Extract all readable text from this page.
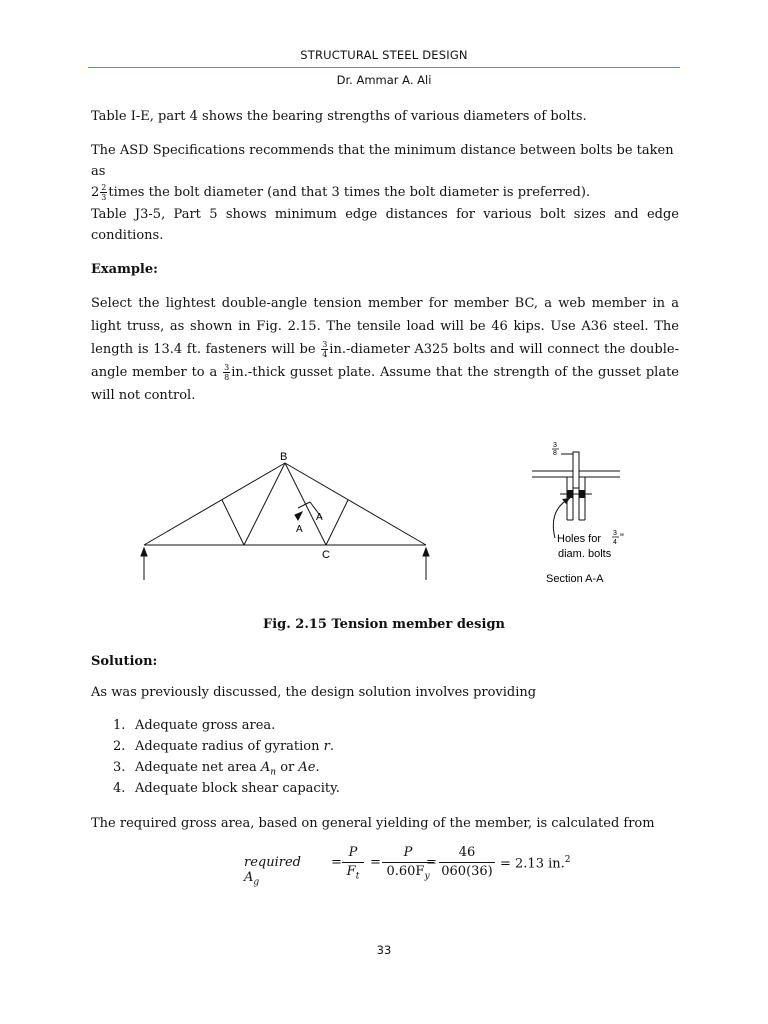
STRUCTURAL STEEL DESIGN
Dr. Ammar A. Ali

Table I-E, part 4 shows the bearing strengths of various diameters of bolts.

The ASD Specifications recommends that the minimum distance between bolts be taken as
$2 \frac{2}{3}$ times the bolt diameter (and that 3 times the bolt diameter is preferred).

Table J3-5, Part 5 shows minimum edge distances for various bolt sizes and edge conditions.

Example:

Select the lightest double-angle tension member for member BC, a web member in a light truss, as shown in Fig. 2.15. The tensile load will be 46 kips. Use A36 steel. The length is 13.4 ft. fasteners will be $\frac{3}{4}$ in.-diameter A325 bolts and will connect the double-angle member to a $\frac{3}{8}$ in.-thick gusset plate. Assume that the strength of the gusset plate will not control.

B
C
A
A
3
8
Holes for 3
4 "
diam. bolts
Section A-A
Fig. 2.15 Tension member design

Solution:

As was previously discussed, the design solution involves providing

1. Adequate gross area.
2. Adequate radius of gyration r.
3. Adequate net area $A_n$ or Ae.
4. Adequate block shear capacity.

The required gross area, based on general yielding of the member, is calculated from

required $A_g$
= $\frac{P}{F_t} = \frac{P}{0.60F_y}$
= $\frac{46}{060(36)} = 2.13$ in.$^2$
33
